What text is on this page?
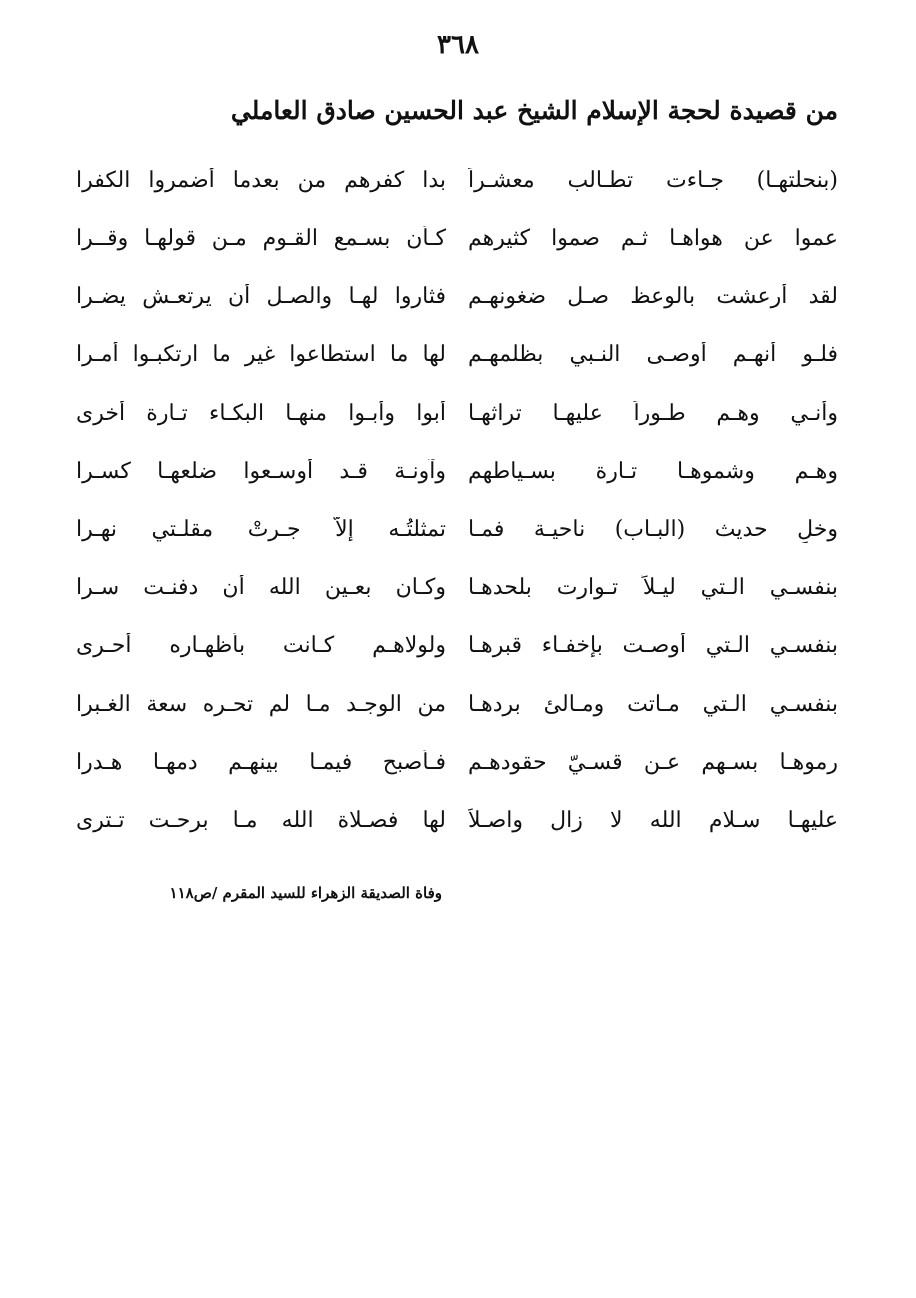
٣٦٨
من قصيدة لحجة الإسلام الشيخ عبد الحسين صادق العاملي
(بنحلتهـا) جـاءت تطـالب معشـراً
بدا كفرهم من بعدما أضمروا الكفرا
عموا عن هواهـا ثـم صموا كثيرهم
كـأن بسـمع القـوم مـن قولهـا وقــرا
لقد أرعشت بالوعظ صـل ضغونهـم
فثاروا لهـا والصـل أن يرتعـش يضـرا
فلـو أنهـم أوصـى النـبي بظلمهـم
لها ما استطاعوا غير ما ارتكبـوا أمـرا
وأنـي وهـم طـوراً عليهـا تراثهـا
أبوا وأبـوا منهـا البكـاء تـارة أخرى
وهـم وشموهـا تـارة بسـياطهم
وآونـة قـد أوسـعوا ضلعهـا كسـرا
وخلِ حديث (البـاب) ناحيـة فمـا
تمثلتُـه إلاّ جـرتْ مقلـتي نهـرا
بنفسـي الـتي ليـلاً تـوارت بلحدهـا
وكـان بعـين الله أن دفنـت سـرا
بنفسـي الـتي أوصـت بإخفـاء قبرهـا
ولولاهـم كـانت بأظهـاره أحـرى
بنفسـي الـتي مـاتت ومـالئ بردهـا
من الوجـد مـا لم تحـره سعة الغـبرا
رموهـا بسـهم عـن قسـيّ حقودهـم
فـأصبح فيمـا بينهـم دمهـا هـدرا
عليهـا سـلام الله لا زال واصـلاً
لها فصـلاة الله مـا برحـت تـترى
وفاة الصديقة الزهراء للسيد المقرم /ص١١٨
